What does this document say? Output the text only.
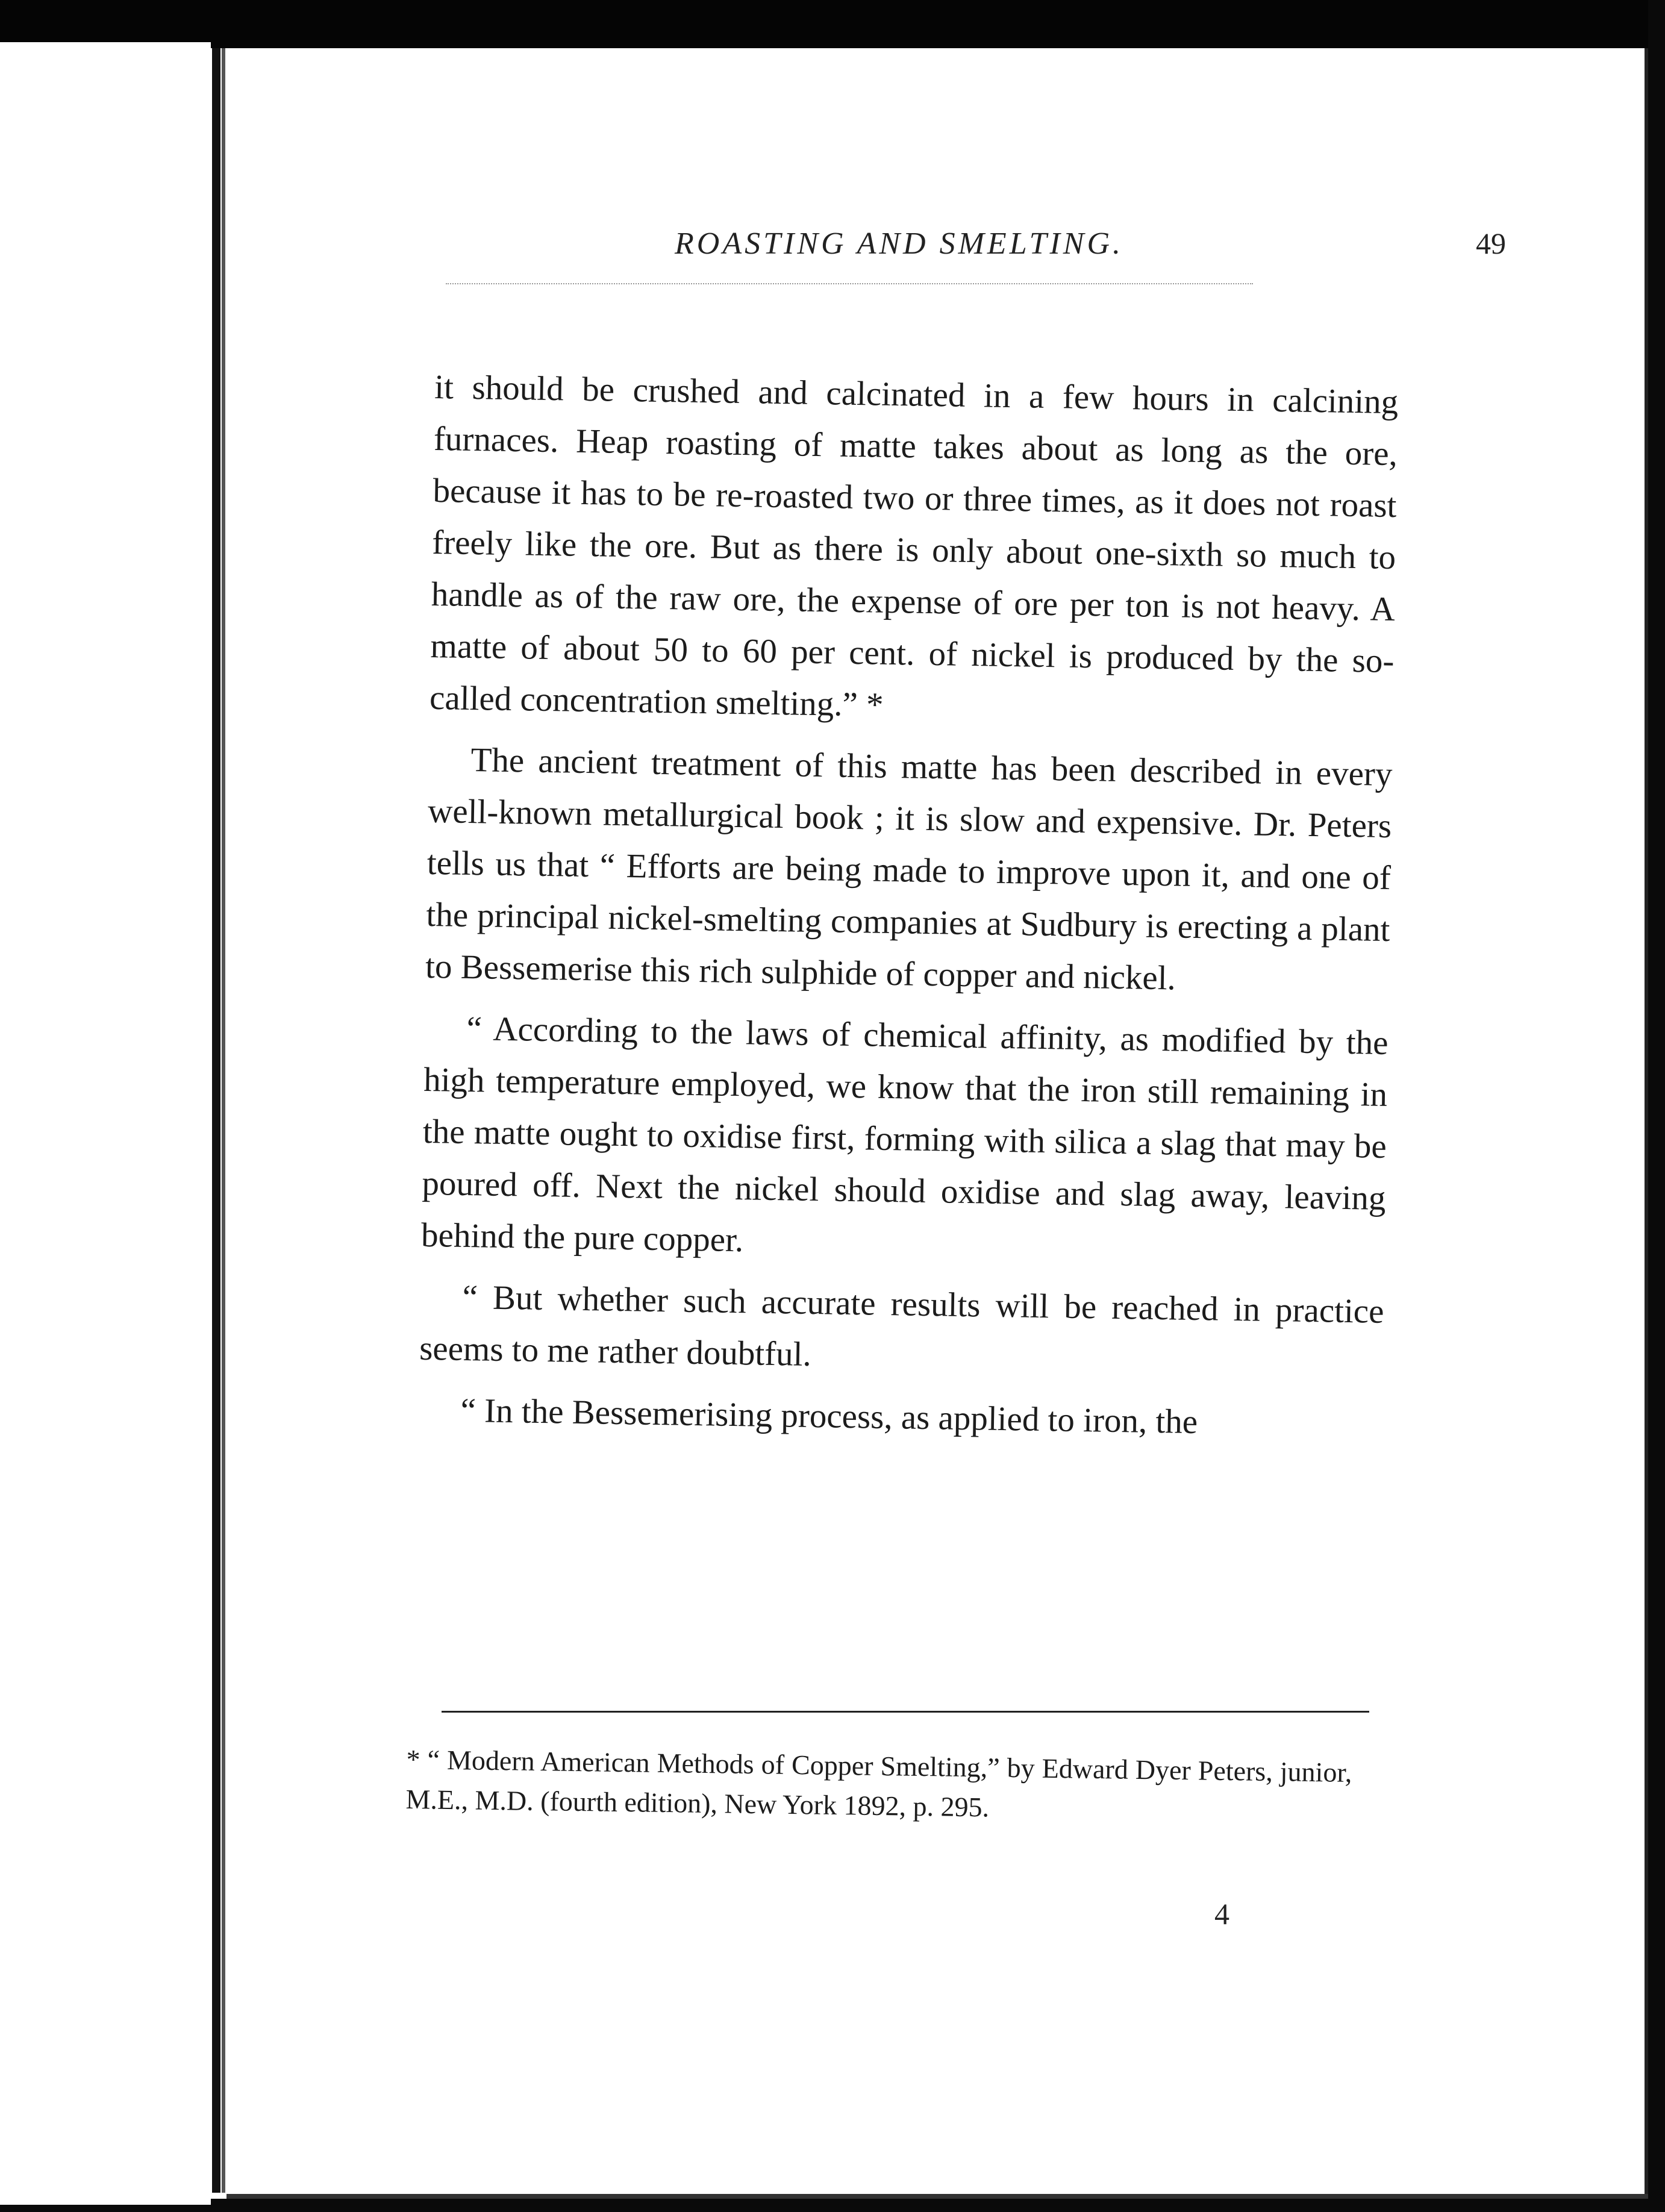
ROASTING AND SMELTING.	49

it should be crushed and calcinated in a few hours in calcining furnaces. Heap roasting of matte takes about as long as the ore, because it has to be re-roasted two or three times, as it does not roast freely like the ore. But as there is only about one-sixth so much to handle as of the raw ore, the expense of ore per ton is not heavy. A matte of about 50 to 60 per cent. of nickel is produced by the so-called concentration smelting.” *

The ancient treatment of this matte has been described in every well-known metallurgical book ; it is slow and expensive. Dr. Peters tells us that “ Efforts are being made to improve upon it, and one of the principal nickel-smelting companies at Sudbury is erecting a plant to Bessemerise this rich sulphide of copper and nickel.

“ According to the laws of chemical affinity, as modified by the high temperature employed, we know that the iron still remaining in the matte ought to oxidise first, forming with silica a slag that may be poured off. Next the nickel should oxidise and slag away, leaving behind the pure copper.

“ But whether such accurate results will be reached in practice seems to me rather doubtful.

“ In the Bessemerising process, as applied to iron, the

* “ Modern American Methods of Copper Smelting,” by Edward Dyer Peters, junior, M.E., M.D. (fourth edition), New York 1892, p. 295.
4
